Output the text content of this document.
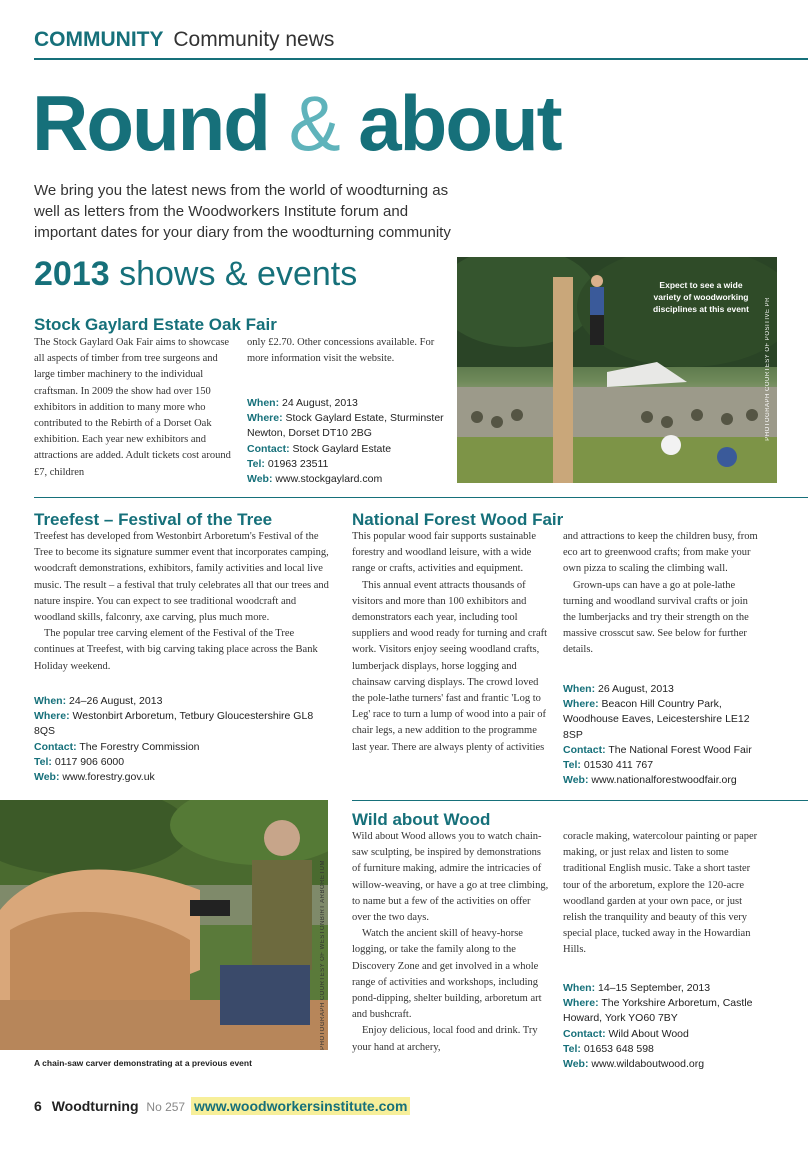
COMMUNITY Community news
Round & about
We bring you the latest news from the world of woodturning as well as letters from the Woodworkers Institute forum and important dates for your diary from the woodturning community
2013 shows & events
Stock Gaylard Estate Oak Fair

The Stock Gaylard Oak Fair aims to showcase all aspects of timber from tree surgeons and large timber machinery to the individual craftsman. In 2009 the show had over 150 exhibitors in addition to many more who contributed to the Rebirth of a Dorset Oak exhibition. Each year new exhibitors and attractions are added. Adult tickets cost around £7, children

only £2.70. Other concessions available. For more information visit the website.

When: 24 August, 2013
Where: Stock Gaylard Estate, Sturminster Newton, Dorset DT10 2BG
Contact: Stock Gaylard Estate
Tel: 01963 23511
Web: www.stockgaylard.com
Expect to see a wide variety of woodworking disciplines at this event	PHOTOGRAPH COURTESY OF POSITIVE PR
Treefest – Festival of the Tree

Treefest has developed from Westonbirt Arboretum's Festival of the Tree to become its signature summer event that incorporates camping, woodcraft demonstrations, exhibitors, family activities and local live music. The result – a festival that truly celebrates all that our trees and nature inspire. You can expect to see traditional woodcraft and woodland skills, falconry, axe carving, plus much more.

The popular tree carving element of the Festival of the Tree continues at Treefest, with big carving taking place across the Bank Holiday weekend.

When: 24–26 August, 2013
Where: Westonbirt Arboretum, Tetbury Gloucestershire GL8 8QS
Contact: The Forestry Commission
Tel: 0117 906 6000
Web: www.forestry.gov.uk
PHOTOGRAPH COURTESY OF WESTONBIRT ARBORETUM
A chain-saw carver demonstrating at a previous event
National Forest Wood Fair

This popular wood fair supports sustainable forestry and woodland leisure, with a wide range or crafts, activities and equipment.

This annual event attracts thousands of visitors and more than 100 exhibitors and demonstrators each year, including tool suppliers and wood ready for turning and craft work. Visitors enjoy seeing woodland crafts, lumberjack displays, horse logging and chainsaw carving displays. The crowd loved the pole-lathe turners' fast and frantic 'Log to Leg' race to turn a lump of wood into a pair of chair legs, a new addition to the programme last year. There are always plenty of activities

and attractions to keep the children busy, from eco art to greenwood crafts; from make your own pizza to scaling the climbing wall.

Grown-ups can have a go at pole-lathe turning and woodland survival crafts or join the lumberjacks and try their strength on the massive crosscut saw. See below for further details.

When: 26 August, 2013
Where: Beacon Hill Country Park, Woodhouse Eaves, Leicestershire LE12 8SP
Contact: The National Forest Wood Fair
Tel: 01530 411 767
Web: www.nationalforestwoodfair.org
Wild about Wood

Wild about Wood allows you to watch chain-saw sculpting, be inspired by demonstrations of furniture making, admire the intricacies of willow-weaving, or have a go at tree climbing, to name but a few of the activities on offer over the two days.

Watch the ancient skill of heavy-horse logging, or take the family along to the Discovery Zone and get involved in a whole range of activities and workshops, including pond-dipping, shelter building, arboretum art and bushcraft.

Enjoy delicious, local food and drink. Try your hand at archery,

coracle making, watercolour painting or paper making, or just relax and listen to some traditional English music. Take a short taster tour of the arboretum, explore the 120-acre woodland garden at your own pace, or just relish the tranquility and beauty of this very special place, tucked away in the Howardian Hills.

When: 14–15 September, 2013
Where: The Yorkshire Arboretum, Castle Howard, York YO60 7BY
Contact: Wild About Wood
Tel: 01653 648 598
Web: www.wildaboutwood.org
6 Woodturning No 257 www.woodworkersinstitute.com
